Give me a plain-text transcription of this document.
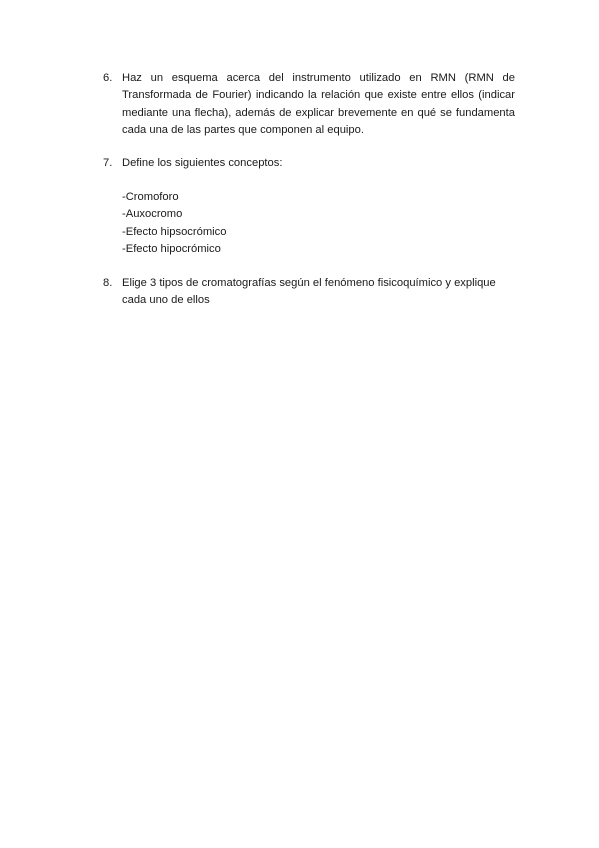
6. Haz un esquema acerca del instrumento utilizado en RMN (RMN de Transformada de Fourier) indicando la relación que existe entre ellos (indicar mediante una flecha), además de explicar brevemente en qué se fundamenta cada una de las partes que componen al equipo.
7. Define los siguientes conceptos:
-Cromoforo
-Auxocromo
-Efecto hipsocrómico
-Efecto hipocrómico
8. Elige 3 tipos de cromatografías según el fenómeno fisicoquímico y explique cada uno de ellos
